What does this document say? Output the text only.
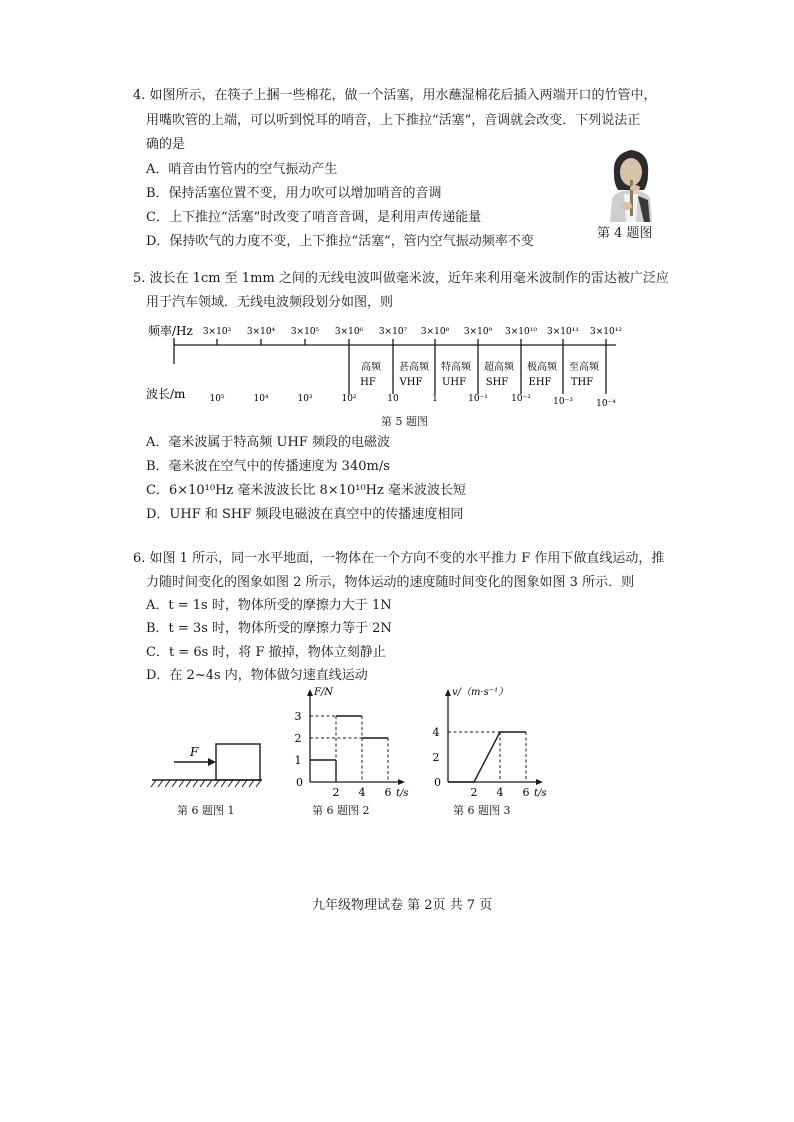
4. 如图所示，在筷子上捆一些棉花，做一个活塞，用水蘸湿棉花后插入两端开口的竹管中，
用嘴吹管的上端，可以听到悦耳的哨音，上下推拉“活塞”，音调就会改变．下列说法正
确的是
A．哨音由竹管内的空气振动产生
B．保持活塞位置不变，用力吹可以增加哨音的音调
C．上下推拉“活塞”时改变了哨音音调，是利用声传递能量
D．保持吹气的力度不变，上下推拉“活塞”，管内空气振动频率不变
第 4 题图
5. 波长在 1cm 至 1mm 之间的无线电波叫做毫米波，近年来利用毫米波制作的雷达被广泛应
用于汽车领域．无线电波频段划分如图，则
频率/Hz 3×10³ 3×10⁴ 3×10⁵ 3×10⁶ 3×10⁷ 3×10⁸ 3×10⁹ 3×10¹⁰ 3×10¹¹ 3×10¹²
高频 甚高频 特高频 超高频 极高频 至高频
HF VHF UHF SHF EHF THF
波长/m	10⁵	10⁴	10³	10²	10	1	10⁻¹	10⁻² 10⁻³	10⁻⁴
第 5 题图
A．毫米波属于特高频 UHF 频段的电磁波
B．毫米波在空气中的传播速度为 340m/s
C．6×10¹⁰Hz 毫米波波长比 8×10¹⁰Hz 毫米波波长短
D．UHF 和 SHF 频段电磁波在真空中的传播速度相同
6. 如图 1 所示，同一水平地面，一物体在一个方向不变的水平推力 F 作用下做直线运动，推
力随时间变化的图象如图 2 所示，物体运动的速度随时间变化的图象如图 3 所示．则
A．t = 1s 时，物体所受的摩擦力大于 1N
B．t = 3s 时，物体所受的摩擦力等于 2N
C．t = 6s 时，将 F 撤掉，物体立刻静止
D．在 2~4s 内，物体做匀速直线运动
F
第 6 题图 1
F/N
t/s
0
2 4 6
1
2
3
第 6 题图 2
v/（m·s⁻¹）
t/s
0
2 4 6
2
4
第 6 题图 3
九年级物理试卷 第 2页 共 7 页
